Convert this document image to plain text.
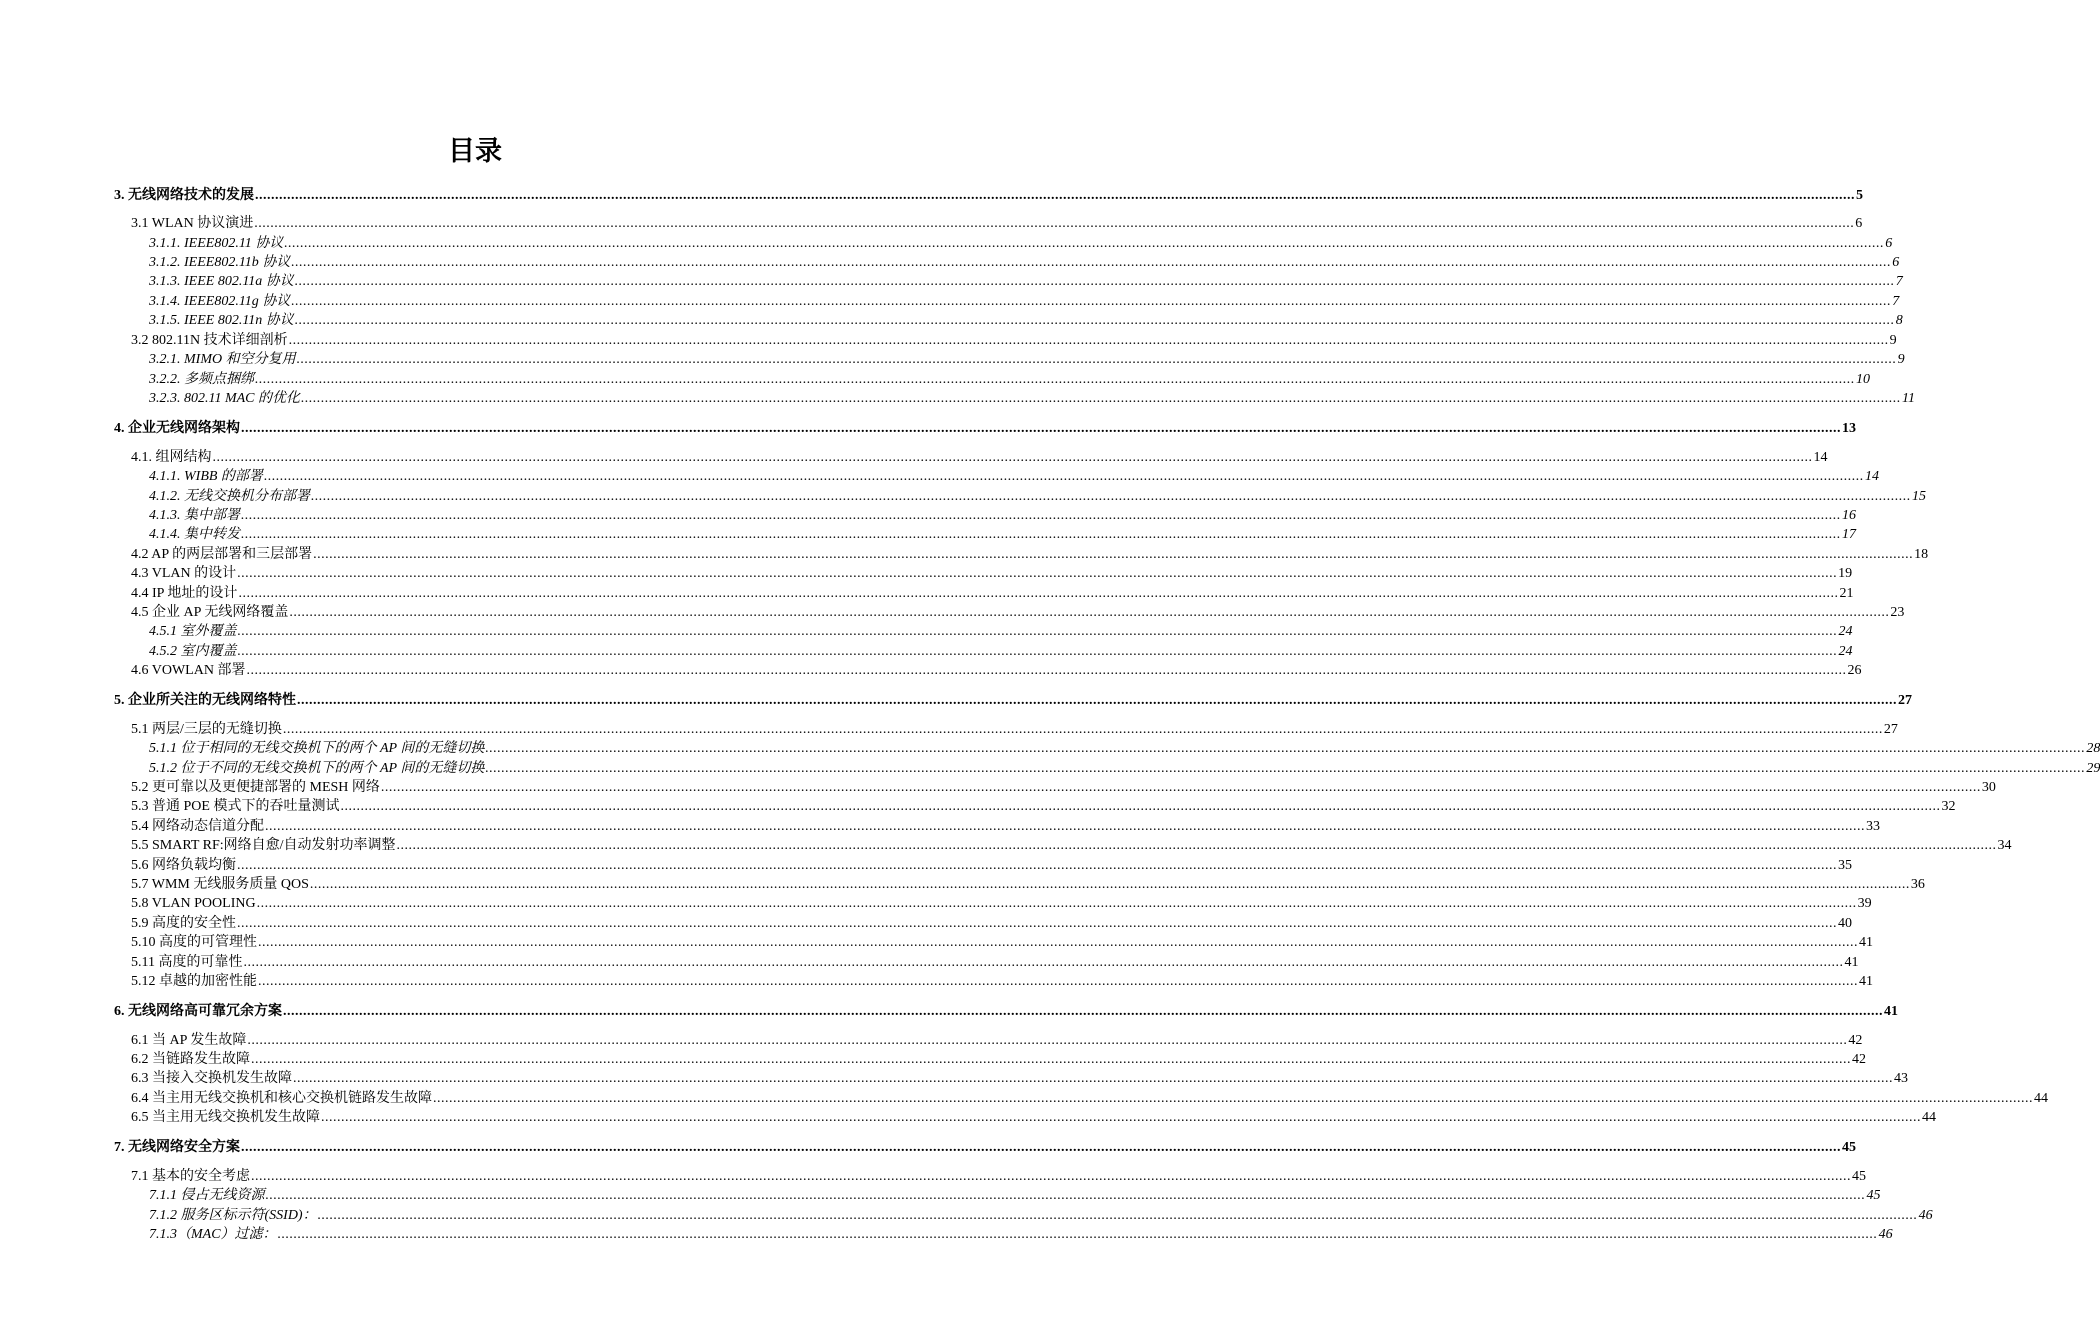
目录
3. 无线网络技术的发展 ................................................................................................................................................................................................................................................................................................................................................................................................................ 5
3.1 WLAN 协议演进 ................................................................................................................................................................................................................................................................................................................................................................................................................ 6
3.1.1. IEEE802.11 协议 ................................................................................................................................................................................................................................................................................................................................................................................................................ 6
3.1.2. IEEE802.11b 协议 ................................................................................................................................................................................................................................................................................................................................................................................................................ 6
3.1.3. IEEE 802.11a 协议 ................................................................................................................................................................................................................................................................................................................................................................................................................ 7
3.1.4. IEEE802.11g 协议 ................................................................................................................................................................................................................................................................................................................................................................................................................ 7
3.1.5. IEEE 802.11n 协议 ................................................................................................................................................................................................................................................................................................................................................................................................................ 8
3.2 802.11N 技术详细剖析 ................................................................................................................................................................................................................................................................................................................................................................................................................ 9
3.2.1. MIMO 和空分复用 ................................................................................................................................................................................................................................................................................................................................................................................................................ 9
3.2.2. 多频点捆绑 ................................................................................................................................................................................................................................................................................................................................................................................................................ 10
3.2.3. 802.11 MAC 的优化 ................................................................................................................................................................................................................................................................................................................................................................................................................ 11
4. 企业无线网络架构 ................................................................................................................................................................................................................................................................................................................................................................................................................ 13
4.1. 组网结构 ................................................................................................................................................................................................................................................................................................................................................................................................................ 14
4.1.1. WIBB 的部署 ................................................................................................................................................................................................................................................................................................................................................................................................................ 14
4.1.2. 无线交换机分布部署 ................................................................................................................................................................................................................................................................................................................................................................................................................ 15
4.1.3. 集中部署 ................................................................................................................................................................................................................................................................................................................................................................................................................ 16
4.1.4. 集中转发 ................................................................................................................................................................................................................................................................................................................................................................................................................ 17
4.2 AP 的两层部署和三层部署 ................................................................................................................................................................................................................................................................................................................................................................................................................ 18
4.3 VLAN 的设计 ................................................................................................................................................................................................................................................................................................................................................................................................................ 19
4.4 IP 地址的设计 ................................................................................................................................................................................................................................................................................................................................................................................................................ 21
4.5 企业 AP 无线网络覆盖 ................................................................................................................................................................................................................................................................................................................................................................................................................ 23
4.5.1 室外覆盖 ................................................................................................................................................................................................................................................................................................................................................................................................................ 24
4.5.2 室内覆盖 ................................................................................................................................................................................................................................................................................................................................................................................................................ 24
4.6 VOWLAN 部署 ................................................................................................................................................................................................................................................................................................................................................................................................................ 26
5. 企业所关注的无线网络特性 ................................................................................................................................................................................................................................................................................................................................................................................................................ 27
5.1 两层/三层的无缝切换 ................................................................................................................................................................................................................................................................................................................................................................................................................ 27
5.1.1 位于相同的无线交换机下的两个 AP 间的无缝切换 ................................................................................................................................................................................................................................................................................................................................................................................................................ 28
5.1.2 位于不同的无线交换机下的两个 AP 间的无缝切换 ................................................................................................................................................................................................................................................................................................................................................................................................................ 29
5.2 更可靠以及更便捷部署的 MESH 网络 ................................................................................................................................................................................................................................................................................................................................................................................................................ 30
5.3 普通 POE 模式下的吞吐量测试 ................................................................................................................................................................................................................................................................................................................................................................................................................ 32
5.4 网络动态信道分配 ................................................................................................................................................................................................................................................................................................................................................................................................................ 33
5.5 SMART RF:网络自愈/自动发射功率调整 ................................................................................................................................................................................................................................................................................................................................................................................................................ 34
5.6 网络负载均衡 ................................................................................................................................................................................................................................................................................................................................................................................................................ 35
5.7 WMM 无线服务质量 QOS ................................................................................................................................................................................................................................................................................................................................................................................................................ 36
5.8 VLAN POOLING ................................................................................................................................................................................................................................................................................................................................................................................................................ 39
5.9 高度的安全性 ................................................................................................................................................................................................................................................................................................................................................................................................................ 40
5.10 高度的可管理性 ................................................................................................................................................................................................................................................................................................................................................................................................................ 41
5.11 高度的可靠性 ................................................................................................................................................................................................................................................................................................................................................................................................................ 41
5.12 卓越的加密性能 ................................................................................................................................................................................................................................................................................................................................................................................................................ 41
6. 无线网络高可靠冗余方案 ................................................................................................................................................................................................................................................................................................................................................................................................................ 41
6.1 当 AP 发生故障 ................................................................................................................................................................................................................................................................................................................................................................................................................ 42
6.2 当链路发生故障 ................................................................................................................................................................................................................................................................................................................................................................................................................ 42
6.3 当接入交换机发生故障 ................................................................................................................................................................................................................................................................................................................................................................................................................ 43
6.4 当主用无线交换机和核心交换机链路发生故障 ................................................................................................................................................................................................................................................................................................................................................................................................................ 44
6.5 当主用无线交换机发生故障 ................................................................................................................................................................................................................................................................................................................................................................................................................ 44
7. 无线网络安全方案 ................................................................................................................................................................................................................................................................................................................................................................................................................ 45
7.1 基本的安全考虑 ................................................................................................................................................................................................................................................................................................................................................................................................................ 45
7.1.1 侵占无线资源 ................................................................................................................................................................................................................................................................................................................................................................................................................ 45
7.1.2 服务区标示符(SSID)： ................................................................................................................................................................................................................................................................................................................................................................................................................ 46
7.1.3（MAC）过滤： ................................................................................................................................................................................................................................................................................................................................................................................................................ 46
